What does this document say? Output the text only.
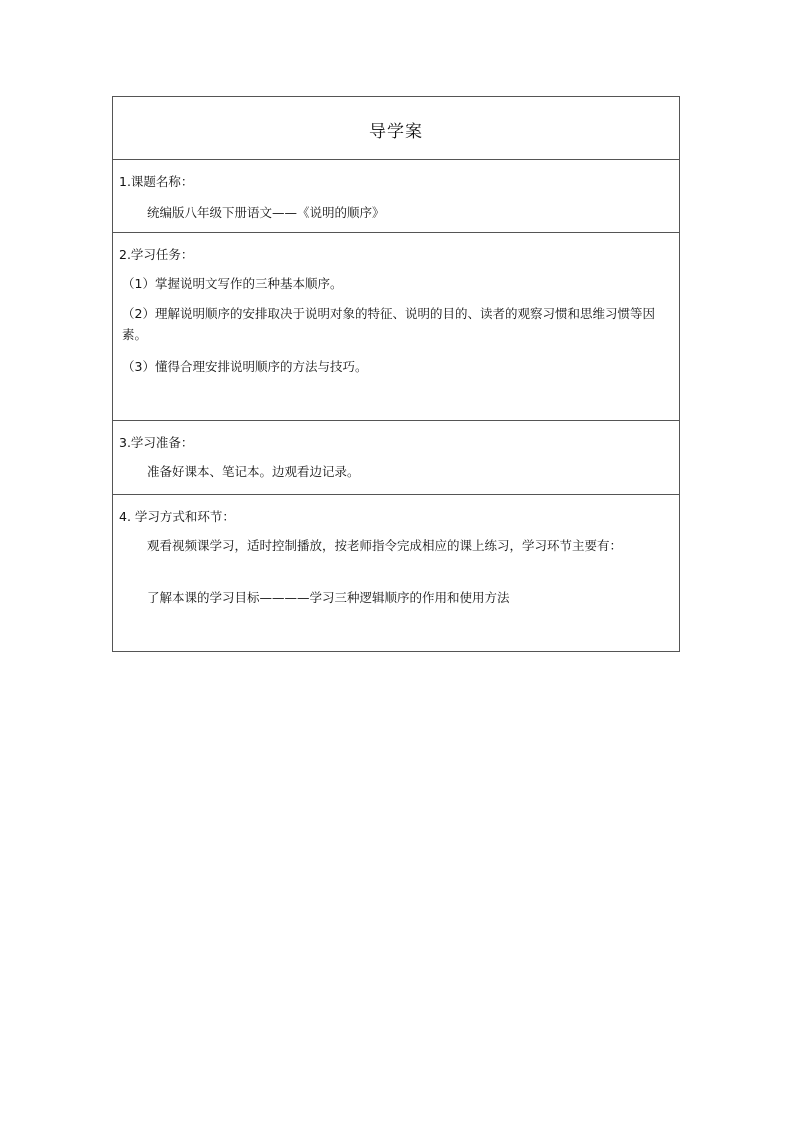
导学案
1.课题名称：
统编版八年级下册语文——《说明的顺序》
2.学习任务：
（1）掌握说明文写作的三种基本顺序。
（2）理解说明顺序的安排取决于说明对象的特征、说明的目的、读者的观察习惯和思维习惯等因素。
（3）懂得合理安排说明顺序的方法与技巧。
3.学习准备：
准备好课本、笔记本。边观看边记录。
4. 学习方式和环节：
观看视频课学习，适时控制播放，按老师指令完成相应的课上练习，学习环节主要有：
了解本课的学习目标————学习三种逻辑顺序的作用和使用方法
